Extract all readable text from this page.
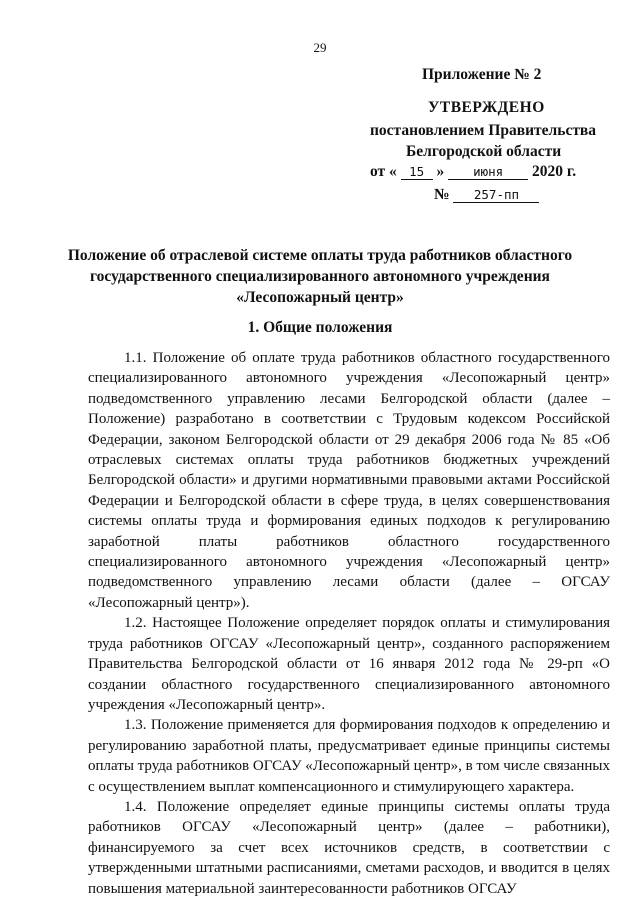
29
Приложение № 2
УТВЕРЖДЕНО
постановлением Правительства
Белгородской области
от « 15 » июня 2020 г.
№ 257-пп
Положение об отраслевой системе оплаты труда работников областного государственного специализированного автономного учреждения «Лесопожарный центр»
1. Общие положения

1.1. Положение об оплате труда работников областного государственного специализированного автономного учреждения «Лесопожарный центр» подведомственного управлению лесами Белгородской области (далее – Положение) разработано в соответствии с Трудовым кодексом Российской Федерации, законом Белгородской области от 29 декабря 2006 года № 85 «Об отраслевых системах оплаты труда работников бюджетных учреждений Белгородской области» и другими нормативными правовыми актами Российской Федерации и Белгородской области в сфере труда, в целях совершенствования системы оплаты труда и формирования единых подходов к регулированию заработной платы работников областного государственного специализированного автономного учреждения «Лесопожарный центр» подведомственного управлению лесами области (далее – ОГСАУ «Лесопожарный центр»).

1.2. Настоящее Положение определяет порядок оплаты и стимулирования труда работников ОГСАУ «Лесопожарный центр», созданного распоряжением Правительства Белгородской области от 16 января 2012 года № 29-рп «О создании областного государственного специализированного автономного учреждения «Лесопожарный центр».

1.3. Положение применяется для формирования подходов к определению и регулированию заработной платы, предусматривает единые принципы системы оплаты труда работников ОГСАУ «Лесопожарный центр», в том числе связанных с осуществлением выплат компенсационного и стимулирующего характера.

1.4. Положение определяет единые принципы системы оплаты труда работников ОГСАУ «Лесопожарный центр» (далее – работники), финансируемого за счет всех источников средств, в соответствии с утвержденными штатными расписаниями, сметами расходов, и вводится в целях повышения материальной заинтересованности работников ОГСАУ
